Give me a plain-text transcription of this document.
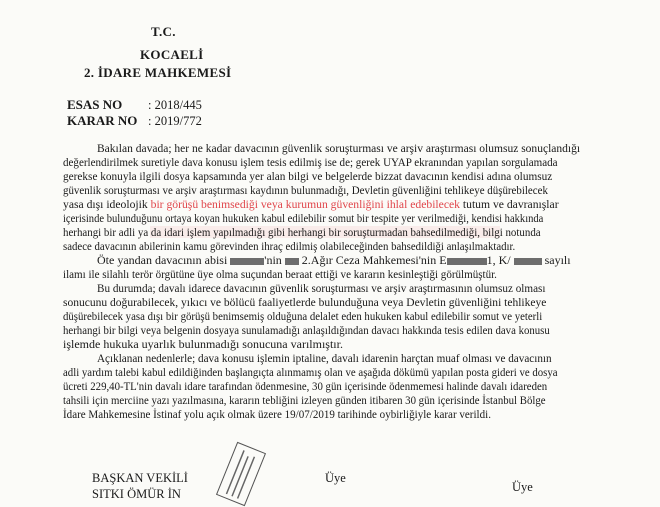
T.C.
KOCAELİ
2. İDARE MAHKEMESİ
ESAS NO : 2018/445
KARAR NO : 2019/772
Bakılan davada; her ne kadar davacının güvenlik soruşturması ve arşiv araştırması olumsuz sonuçlandığı
değerlendirilmek suretiyle dava konusu işlem tesis edilmiş ise de; gerek UYAP ekranından yapılan sorgulamada
gerekse konuyla ilgili dosya kapsamında yer alan bilgi ve belgelerde bizzat davacının kendisi adına olumsuz
güvenlik soruşturması ve arşiv araştırması kaydının bulunmadığı, Devletin güvenliğini tehlikeye düşürebilecek
yasa dışı ideolojik bir görüşü benimsediği veya kurumun güvenliğini ihlal edebilecek tutum ve davranışlar
içerisinde bulunduğunu ortaya koyan hukuken kabul edilebilir somut bir tespite yer verilmediği, kendisi hakkında
herhangi bir adli ya da idari işlem yapılmadığı gibi herhangi bir soruşturmadan bahsedilmediği, bilgi notunda
sadece davacının abilerinin kamu görevinden ihraç edilmiş olabileceğinden bahsedildiği anlaşılmaktadır.
Öte yandan davacının abisi	'nin 2.Ağır Ceza Mahkemesi'nin E	1, K/	sayılı
ilamı ile silahlı terör örgütüne üye olma suçundan beraat ettiği ve kararın kesinleştiği görülmüştür.
Bu durumda; davalı idarece davacının güvenlik soruşturması ve arşiv araştırmasının olumsuz olması
sonucunu doğurabilecek, yıkıcı ve bölücü faaliyetlerde bulunduğuna veya Devletin güvenliğini tehlikeye
düşürebilecek yasa dışı bir görüşü benimsemiş olduğuna delalet eden hukuken kabul edilebilir somut ve yeterli
herhangi bir bilgi veya belgenin dosyaya sunulamadığı anlaşıldığından davacı hakkında tesis edilen dava konusu
işlemde hukuka uyarlık bulunmadığı sonucuna varılmıştır.
Açıklanan nedenlerle; dava konusu işlemin iptaline, davalı idarenin harçtan muaf olması ve davacının
adli yardım talebi kabul edildiğinden başlangıçta alınmamış olan ve aşağıda dökümü yapılan posta gideri ve dosya
ücreti 229,40-TL'nin davalı idare tarafından ödenmesine, 30 gün içerisinde ödenmemesi halinde davalı idareden
tahsili için merciine yazı yazılmasına, kararın tebliğini izleyen günden itibaren 30 gün içerisinde İstanbul Bölge
İdare Mahkemesine İstinaf yolu açık olmak üzere 19/07/2019 tarihinde oybirliğiyle karar verildi.
BAŞKAN VEKİLİ
SITKI ÖMÜR İN
Üye
Üye
